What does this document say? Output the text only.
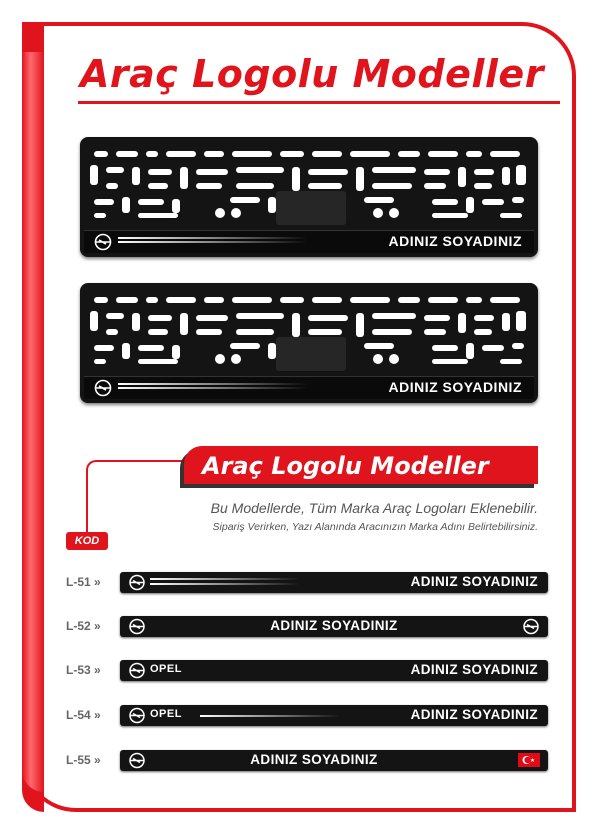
Araç Logolu Modeller
ADINIZ SOYADINIZ
ADINIZ SOYADINIZ
Araç Logolu Modeller
KOD

Bu Modellerde, Tüm Marka Araç Logoları Eklenebilir.

Sipariş Verirken, Yazı Alanında Aracınızın Marka Adını Belirtebilirsiniz.

L-51 »	ADINIZ SOYADINIZ
L-52 »	ADINIZ SOYADINIZ
L-53 »	OPEL	ADINIZ SOYADINIZ
L-54 »	OPEL	ADINIZ SOYADINIZ
L-55 »	ADINIZ SOYADINIZ
